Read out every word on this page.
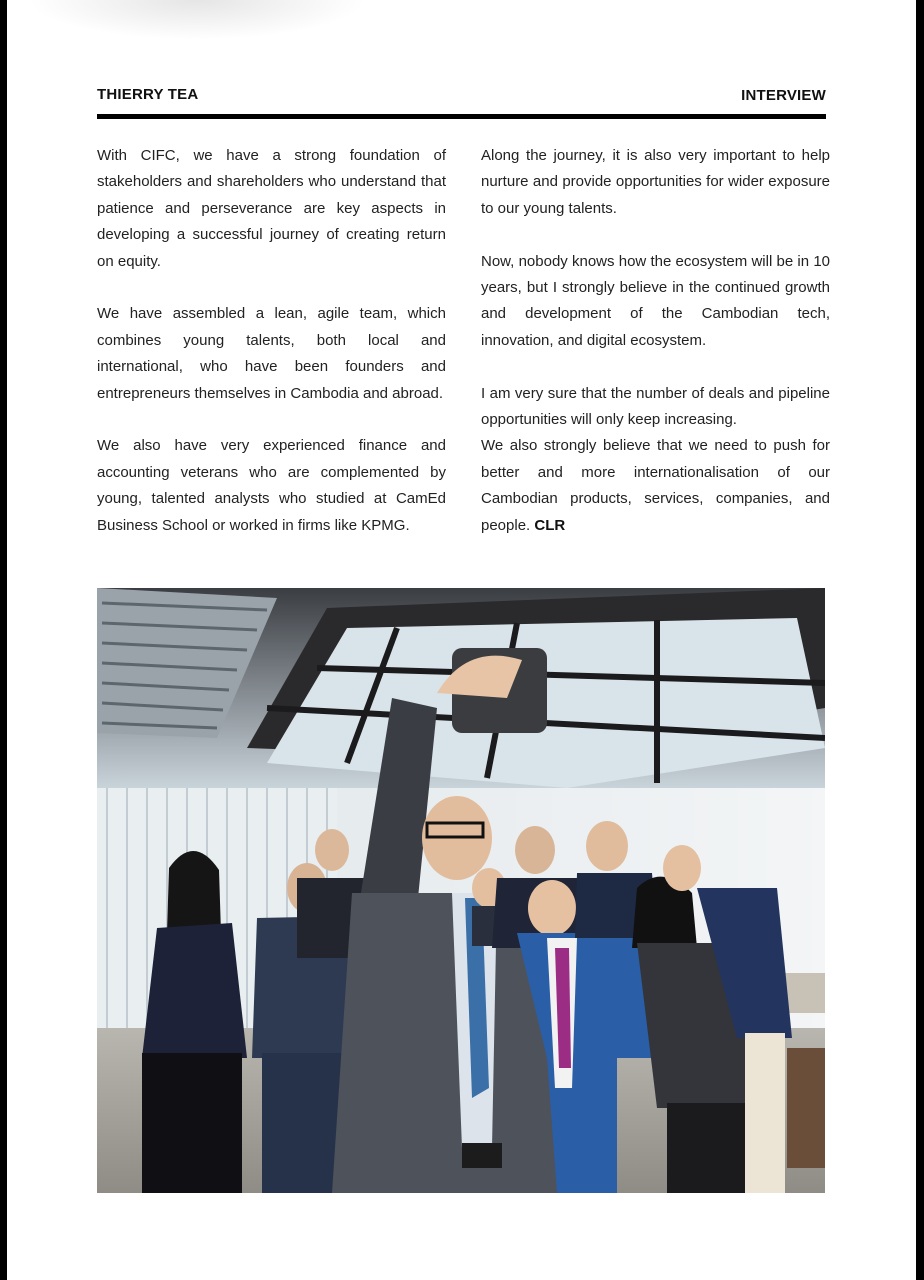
THIERRY TEA	INTERVIEW

With CIFC, we have a strong foundation of stakeholders and shareholders who understand that patience and perseverance are key aspects in developing a successful journey of creating return on equity.

We have assembled a lean, agile team, which combines young talents, both local and international, who have been founders and entrepreneurs themselves in Cambodia and abroad.

We also have very experienced finance and accounting veterans who are complemented by young, talented analysts who studied at CamEd Business School or worked in firms like KPMG.

Along the journey, it is also very important to help nurture and provide opportunities for wider exposure to our young talents.

Now, nobody knows how the ecosystem will be in 10 years, but I strongly believe in the continued growth and development of the Cambodian tech, innovation, and digital ecosystem.

I am very sure that the number of deals and pipeline opportunities will only keep increasing.

We also strongly believe that we need to push for better and more internationalisation of our Cambodian products, services, companies, and people. CLR
